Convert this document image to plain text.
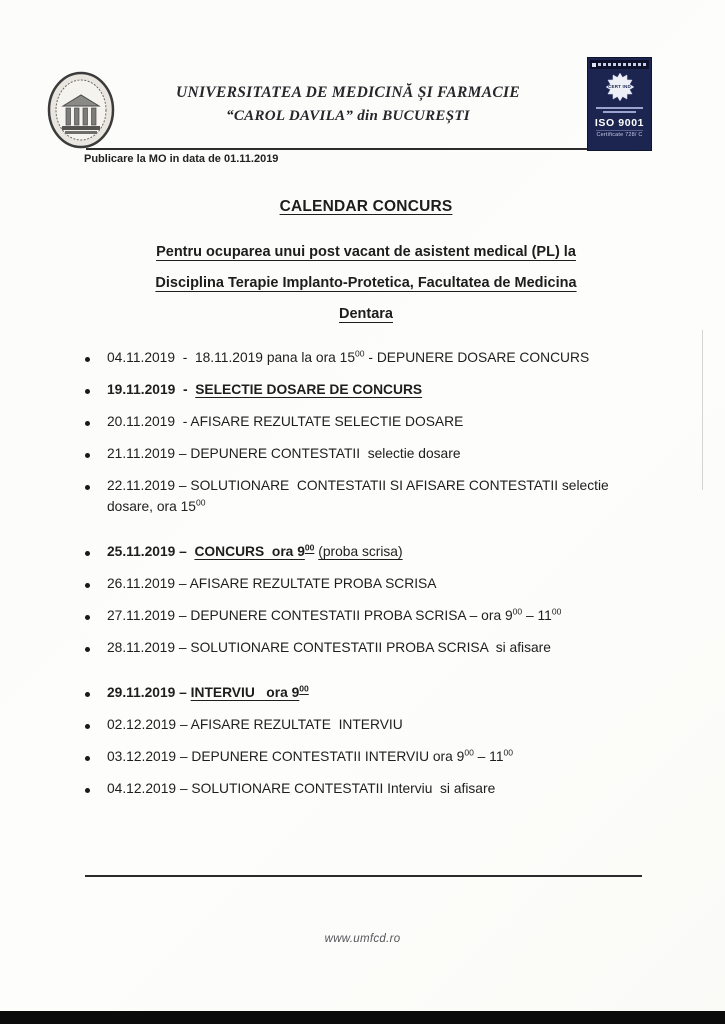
UNIVERSITATEA DE MEDICINĂ ȘI FARMACIE
“CAROL DAVILA” din BUCUREȘTI
Publicare la MO in data de 01.11.2019
CERT IND
ISO 9001
Certificate 728/ C
CALENDAR CONCURS
Pentru ocuparea unui post vacant de asistent medical (PL) la
Disciplina Terapie Implanto-Protetica, Facultatea de Medicina
Dentara
04.11.2019  -  18.11.2019 pana la ora $15^{00}$ - DEPUNERE DOSARE CONCURS
19.11.2019  -  SELECTIE DOSARE DE CONCURS
20.11.2019  - AFISARE REZULTATE SELECTIE DOSARE
21.11.2019 – DEPUNERE CONTESTATII  selectie dosare
22.11.2019 – SOLUTIONARE  CONTESTATII SI AFISARE CONTESTATII selectie
dosare, ora $15^{00}$
25.11.2019 –  CONCURS  ora $9^{00}$ (proba scrisa)
26.11.2019 – AFISARE REZULTATE PROBA SCRISA
27.11.2019 – DEPUNERE CONTESTATII PROBA SCRISA – ora $9^{00} - 11^{00}$
28.11.2019 – SOLUTIONARE CONTESTATII PROBA SCRISA  si afisare
29.11.2019 – INTERVIU   ora $9^{00}$
02.12.2019 – AFISARE REZULTATE  INTERVIU
03.12.2019 – DEPUNERE CONTESTATII INTERVIU ora $9^{00} - 11^{00}$
04.12.2019 – SOLUTIONARE CONTESTATII Interviu  si afisare
www.umfcd.ro
